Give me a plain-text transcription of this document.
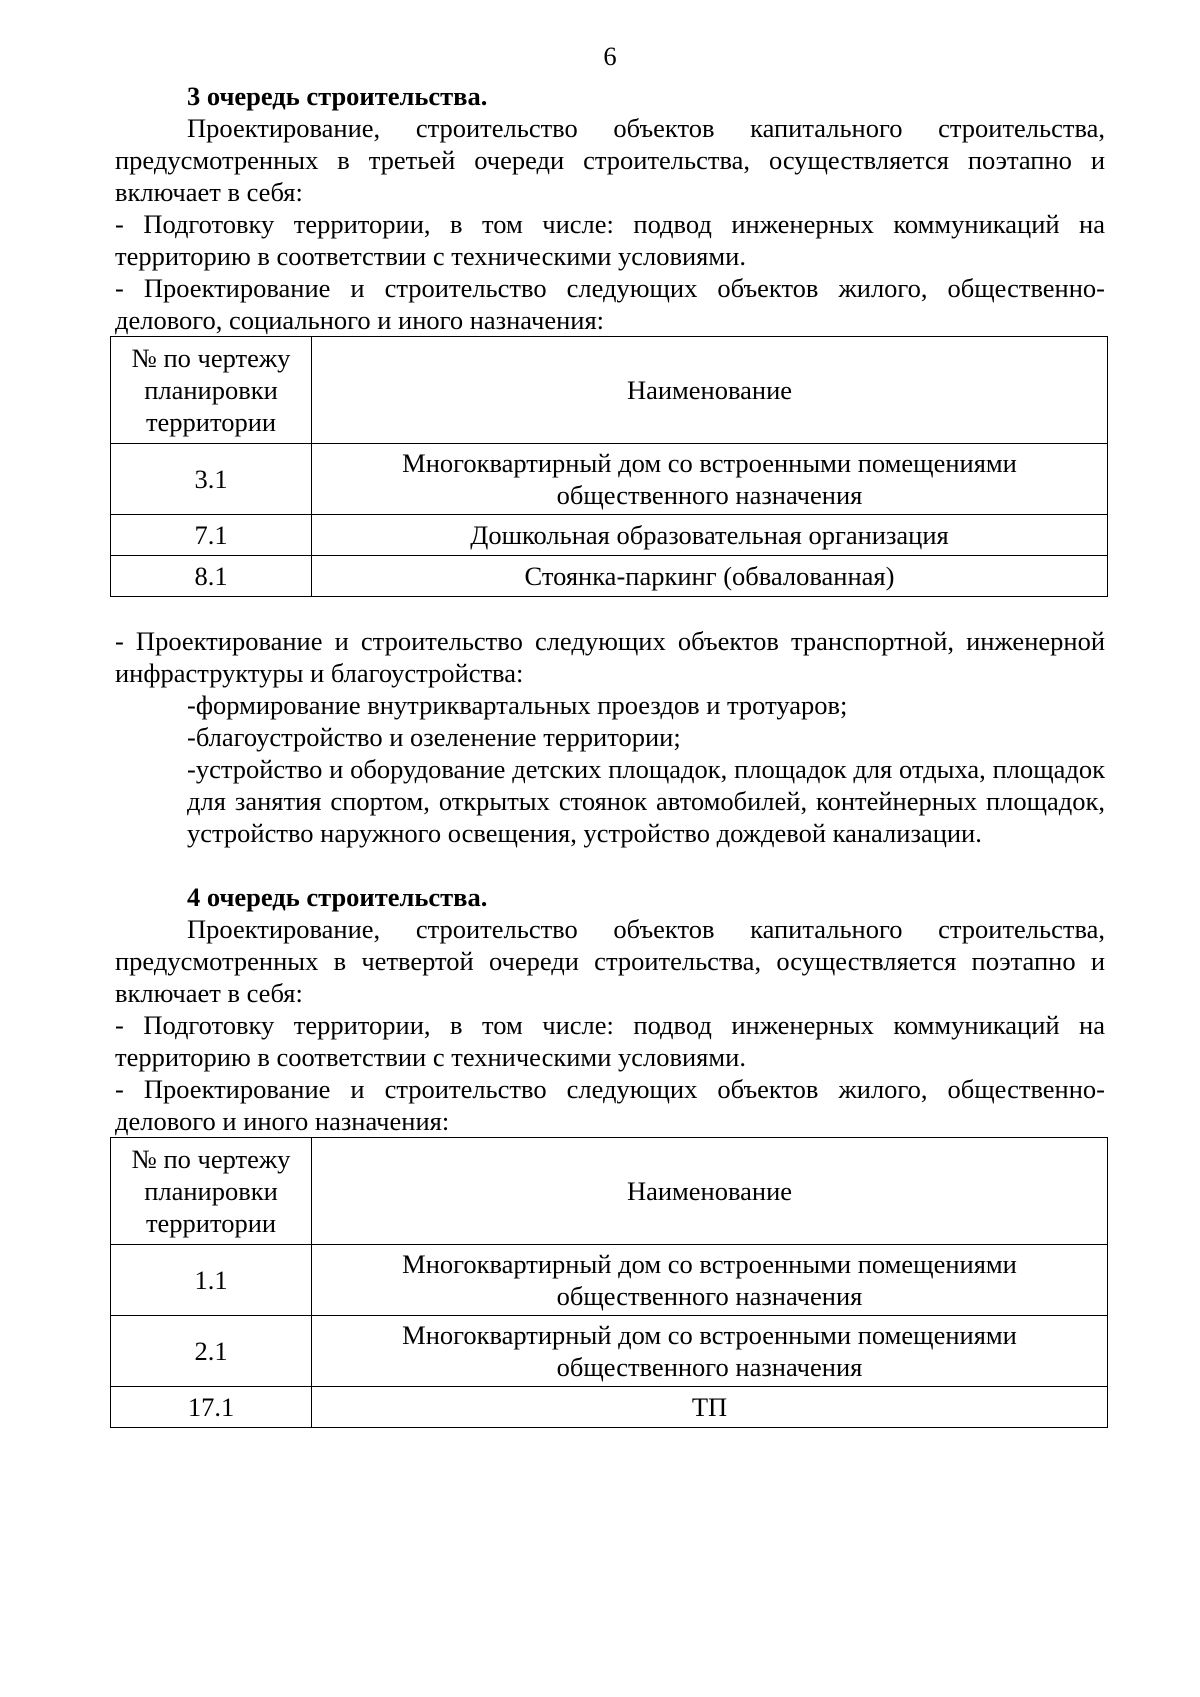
6

3 очередь строительства.

Проектирование, строительство объектов капитального строительства, предусмотренных в третьей очереди строительства, осуществляется поэтапно и включает в себя:

- Подготовку территории, в том числе: подвод инженерных коммуникаций на территорию в соответствии с техническими условиями.

- Проектирование и строительство следующих объектов жилого, общественно-делового, социального и иного назначения:

№ по чертежу планировки территории	Наименование
3.1	Многоквартирный дом со встроенными помещениями общественного назначения
7.1	Дошкольная образовательная организация
8.1	Стоянка-паркинг (обвалованная)

- Проектирование и строительство следующих объектов транспортной, инженерной инфраструктуры и благоустройства:

-формирование внутриквартальных проездов и тротуаров;

-благоустройство и озеленение территории;

-устройство и оборудование детских площадок, площадок для отдыха, площадок для занятия спортом, открытых стоянок автомобилей, контейнерных площадок, устройство наружного освещения, устройство дождевой канализации.

4 очередь строительства.

Проектирование, строительство объектов капитального строительства, предусмотренных в четвертой очереди строительства, осуществляется поэтапно и включает в себя:

- Подготовку территории, в том числе: подвод инженерных коммуникаций на территорию в соответствии с техническими условиями.

- Проектирование и строительство следующих объектов жилого, общественно-делового и иного назначения:

№ по чертежу планировки территории	Наименование
1.1	Многоквартирный дом со встроенными помещениями общественного назначения
2.1	Многоквартирный дом со встроенными помещениями общественного назначения
17.1	ТП
